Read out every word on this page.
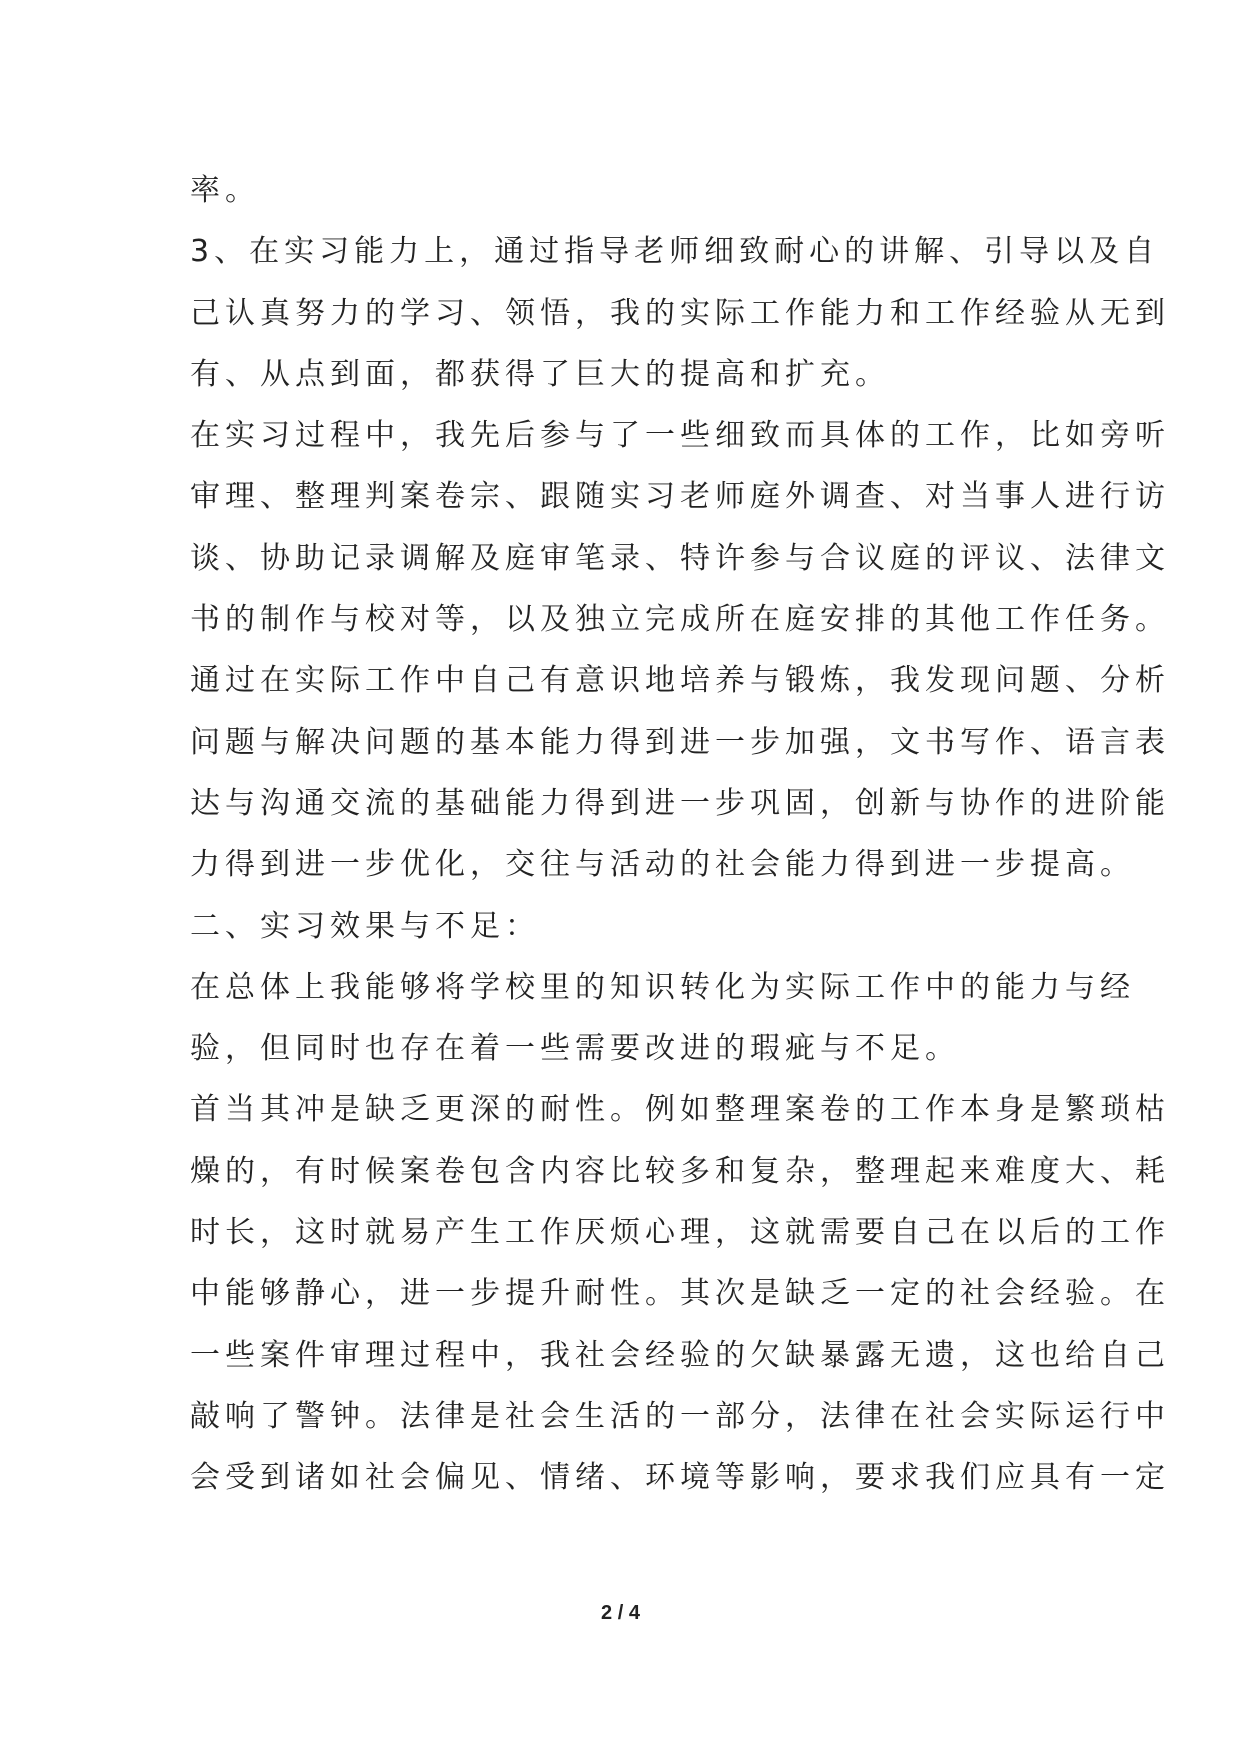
率。
3、在实习能力上，通过指导老师细致耐心的讲解、引导以及自
己认真努力的学习、领悟，我的实际工作能力和工作经验从无到
有、从点到面，都获得了巨大的提高和扩充。
在实习过程中，我先后参与了一些细致而具体的工作，比如旁听
审理、整理判案卷宗、跟随实习老师庭外调查、对当事人进行访
谈、协助记录调解及庭审笔录、特许参与合议庭的评议、法律文
书的制作与校对等，以及独立完成所在庭安排的其他工作任务。
通过在实际工作中自己有意识地培养与锻炼，我发现问题、分析
问题与解决问题的基本能力得到进一步加强，文书写作、语言表
达与沟通交流的基础能力得到进一步巩固，创新与协作的进阶能
力得到进一步优化，交往与活动的社会能力得到进一步提高。
二、实习效果与不足：
在总体上我能够将学校里的知识转化为实际工作中的能力与经
验，但同时也存在着一些需要改进的瑕疵与不足。
首当其冲是缺乏更深的耐性。例如整理案卷的工作本身是繁琐枯
燥的，有时候案卷包含内容比较多和复杂，整理起来难度大、耗
时长，这时就易产生工作厌烦心理，这就需要自己在以后的工作
中能够静心，进一步提升耐性。其次是缺乏一定的社会经验。在
一些案件审理过程中，我社会经验的欠缺暴露无遗，这也给自己
敲响了警钟。法律是社会生活的一部分，法律在社会实际运行中
会受到诸如社会偏见、情绪、环境等影响，要求我们应具有一定
2 / 4
